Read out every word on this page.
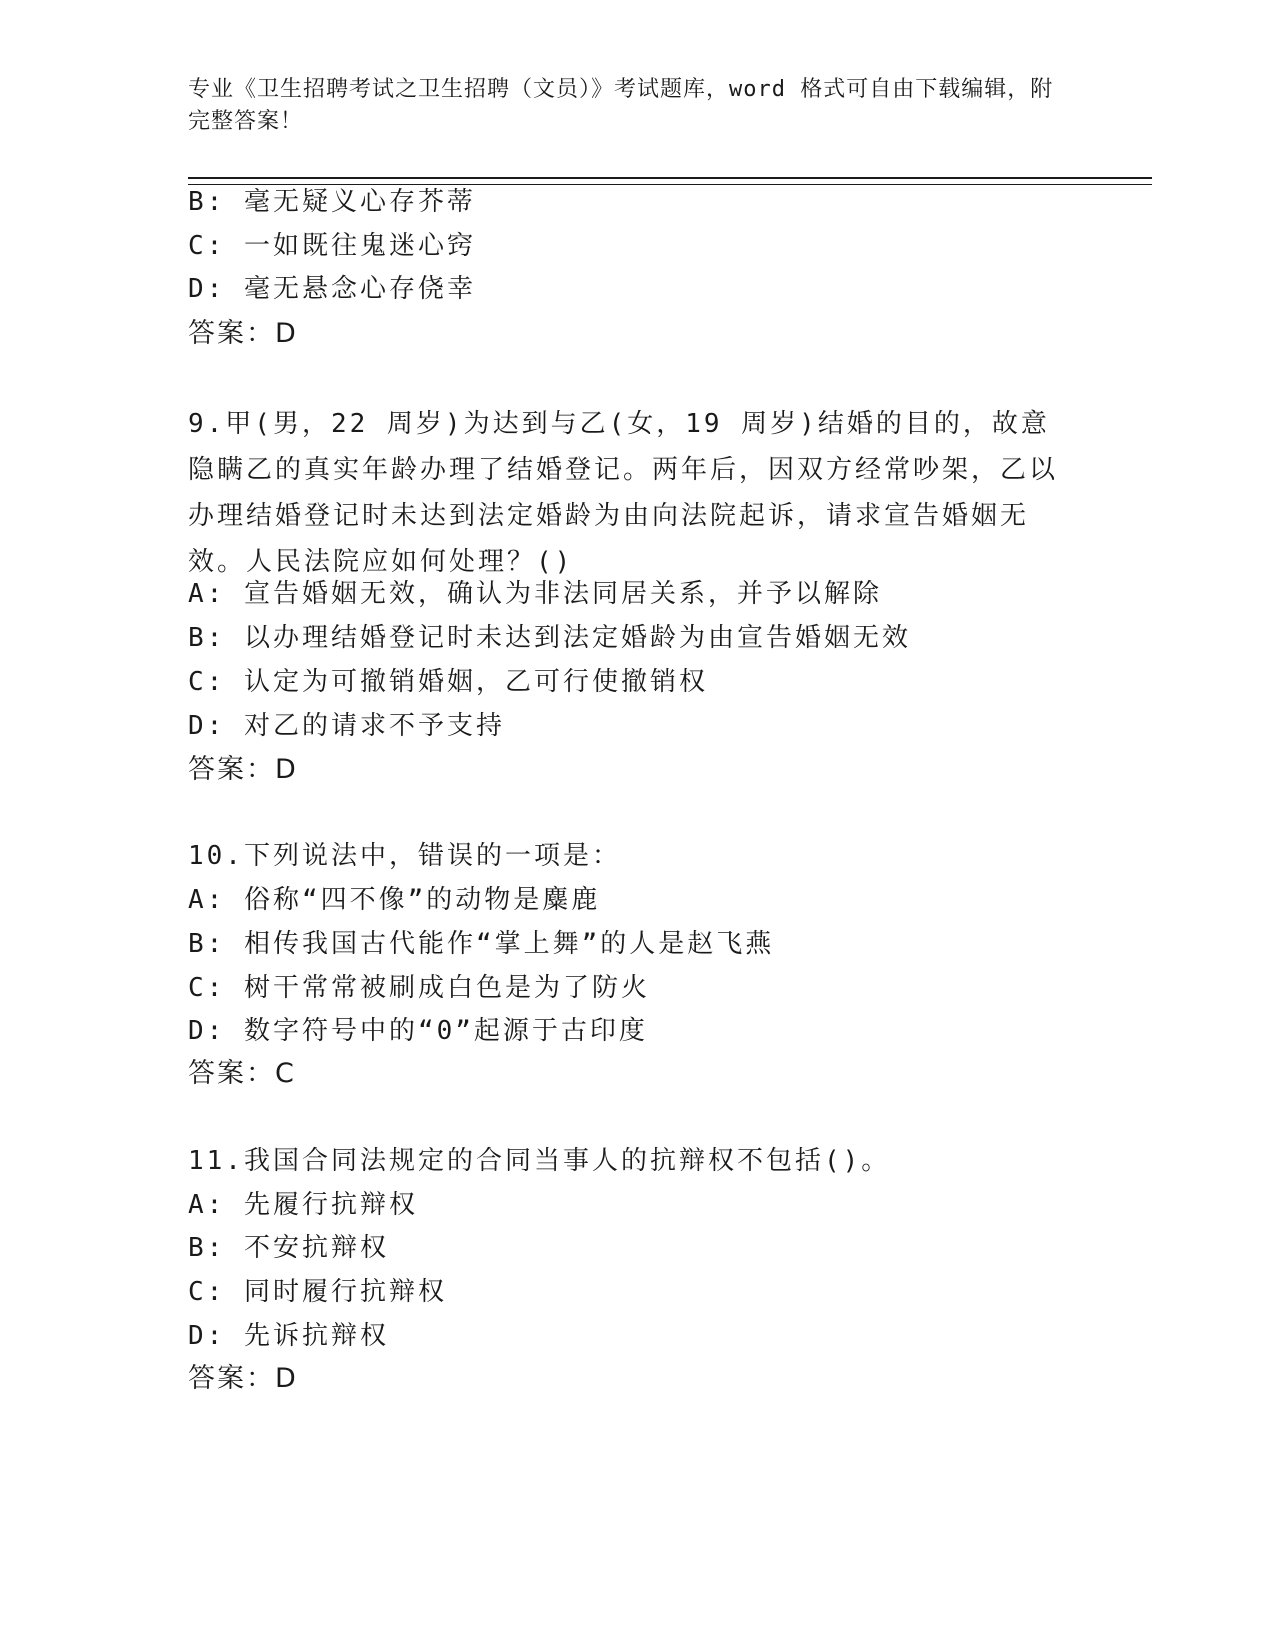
专业《卫生招聘考试之卫生招聘（文员）》考试题库，word 格式可自由下载编辑，附完整答案！
B: 毫无疑义心存芥蒂
C: 一如既往鬼迷心窍
D: 毫无悬念心存侥幸
答案：D
9.甲(男，22 周岁)为达到与乙(女，19 周岁)结婚的目的，故意隐瞒乙的真实年龄办理了结婚登记。两年后，因双方经常吵架，乙以办理结婚登记时未达到法定婚龄为由向法院起诉，请求宣告婚姻无效。人民法院应如何处理？()
A: 宣告婚姻无效，确认为非法同居关系，并予以解除
B: 以办理结婚登记时未达到法定婚龄为由宣告婚姻无效
C: 认定为可撤销婚姻，乙可行使撤销权
D: 对乙的请求不予支持
答案：D
10.下列说法中，错误的一项是：
A: 俗称“四不像”的动物是麋鹿
B: 相传我国古代能作“掌上舞”的人是赵飞燕
C: 树干常常被刷成白色是为了防火
D: 数字符号中的“0”起源于古印度
答案：C
11.我国合同法规定的合同当事人的抗辩权不包括()。
A: 先履行抗辩权
B: 不安抗辩权
C: 同时履行抗辩权
D: 先诉抗辩权
答案：D
